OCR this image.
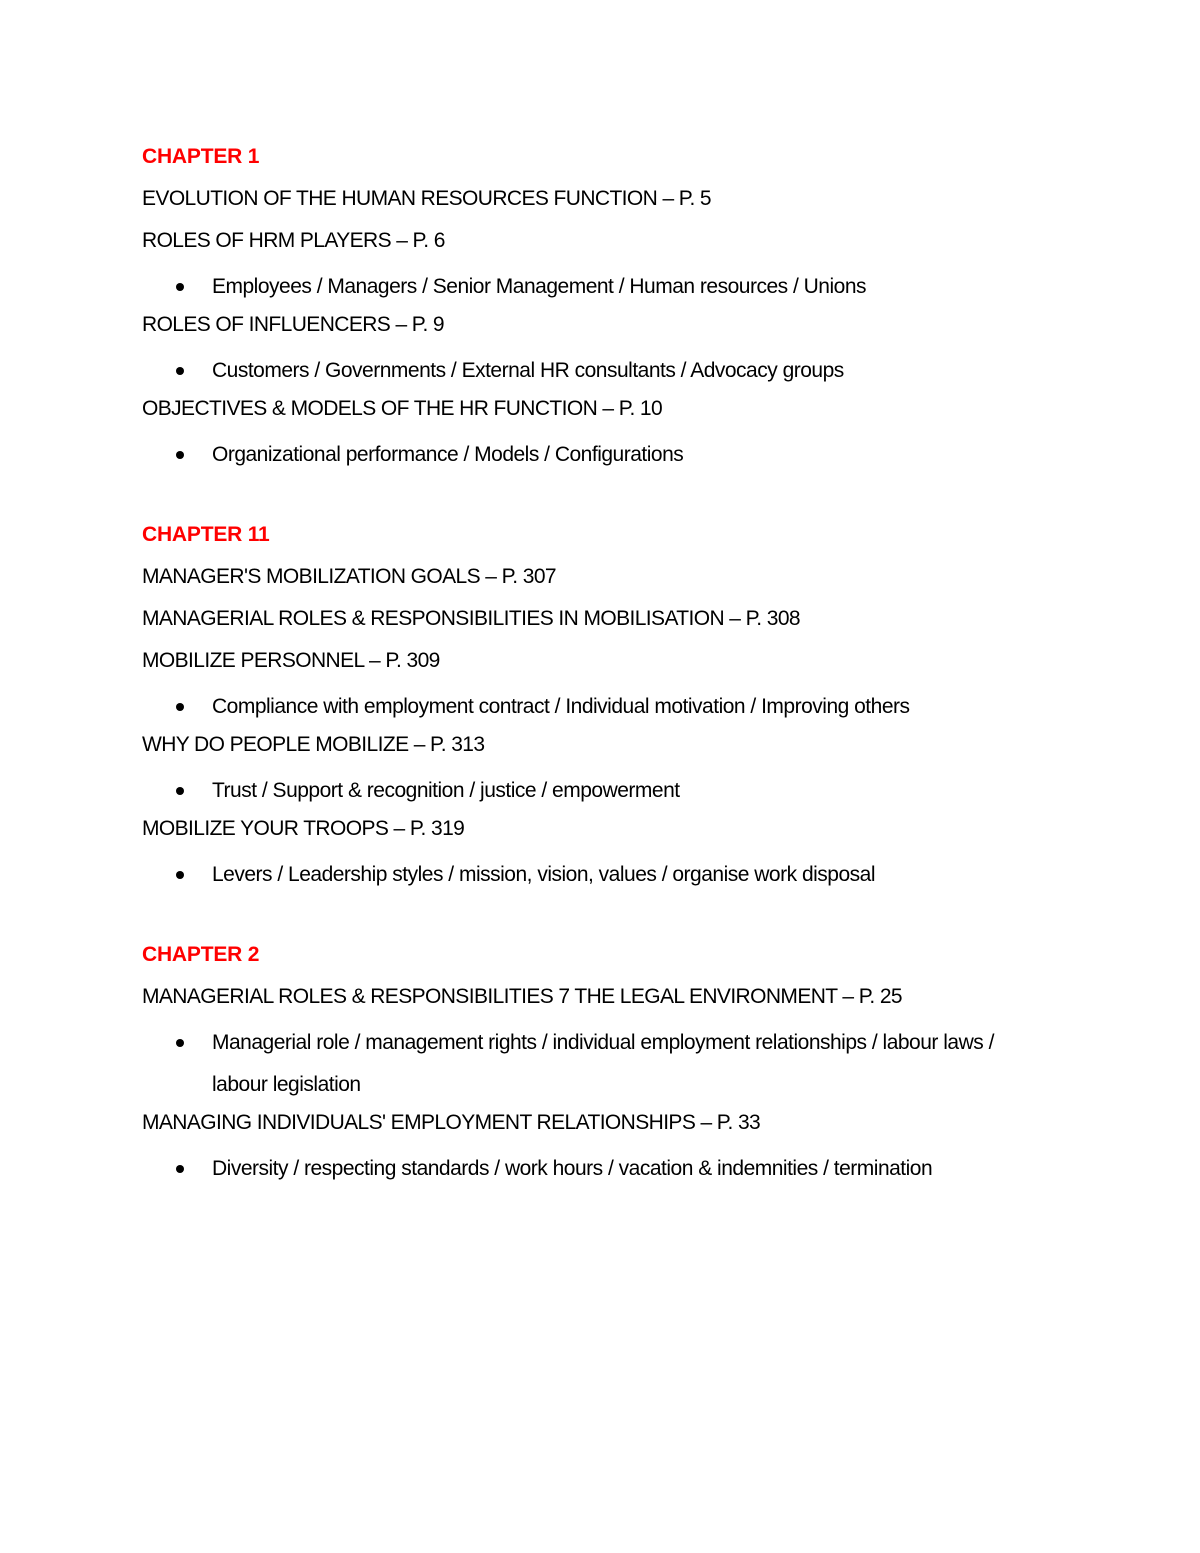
CHAPTER 1
EVOLUTION OF THE HUMAN RESOURCES FUNCTION – P. 5
ROLES OF HRM PLAYERS – P. 6
Employees / Managers / Senior Management / Human resources / Unions
ROLES OF INFLUENCERS – P. 9
Customers / Governments / External HR consultants / Advocacy groups
OBJECTIVES & MODELS OF THE HR FUNCTION – P. 10
Organizational performance / Models / Configurations
CHAPTER 11
MANAGER'S MOBILIZATION GOALS – P. 307
MANAGERIAL ROLES & RESPONSIBILITIES IN MOBILISATION – P. 308
MOBILIZE PERSONNEL – P. 309
Compliance with employment contract / Individual motivation / Improving others
WHY DO PEOPLE MOBILIZE – P. 313
Trust / Support & recognition / justice / empowerment
MOBILIZE YOUR TROOPS – P. 319
Levers / Leadership styles / mission, vision, values / organise work disposal
CHAPTER 2
MANAGERIAL ROLES & RESPONSIBILITIES 7 THE LEGAL ENVIRONMENT – P. 25
Managerial role / management rights / individual employment relationships / labour laws / labour legislation
MANAGING INDIVIDUALS' EMPLOYMENT RELATIONSHIPS – P. 33
Diversity / respecting standards / work hours / vacation & indemnities / termination
